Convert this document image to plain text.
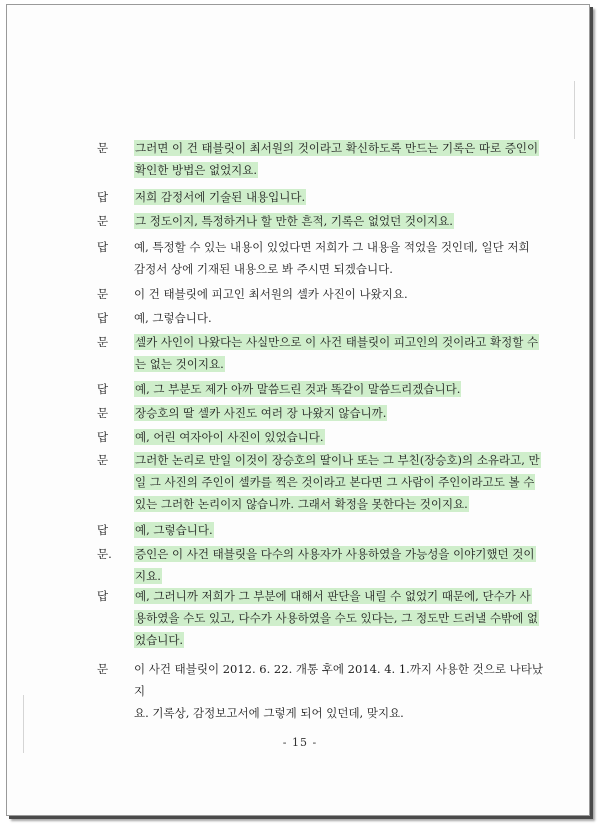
문	그러면 이 건 태블릿이 최서원의 것이라고 확신하도록 만드는 기록은 따로 증인이
확인한 방법은 없었지요.
답	저희 감정서에 기술된 내용입니다.
문	그 정도이지, 특정하거나 할 만한 흔적, 기록은 없었던 것이지요.
답	예, 특정할 수 있는 내용이 있었다면 저희가 그 내용을 적었을 것인데, 일단 저희
감정서 상에 기재된 내용으로 봐 주시면 되겠습니다.
문	이 건 태블릿에 피고인 최서원의 셀카 사진이 나왔지요.
답	예, 그렇습니다.
문	셀카 사인이 나왔다는 사실만으로 이 사건 태블릿이 피고인의 것이라고 확정할 수
는 없는 것이지요.
답	예, 그 부분도 제가 아까 말씀드린 것과 똑같이 말씀드리겠습니다.
문	장승호의 딸 셀카 사진도 여러 장 나왔지 않습니까.
답	예, 어린 여자아이 사진이 있었습니다.
문	그러한 논리로 만일 이것이 장승호의 딸이나 또는 그 부친(장승호)의 소유라고, 만
일 그 사진의 주인이 셀카를 찍은 것이라고 본다면 그 사람이 주인이라고도 볼 수
있는 그러한 논리이지 않습니까. 그래서 확정을 못한다는 것이지요.
답	예, 그렇습니다.
문.	증인은 이 사건 태블릿을 다수의 사용자가 사용하였을 가능성을 이야기했던 것이
지요.
답	예, 그러니까 저희가 그 부분에 대해서 판단을 내릴 수 없었기 때문에, 단수가 사
용하였을 수도 있고, 다수가 사용하였을 수도 있다는, 그 정도만 드러낼 수밖에 없
었습니다.
문	이 사건 태블릿이 2012. 6. 22. 개통 후에 2014. 4. 1.까지 사용한 것으로 나타났지
요. 기록상, 감정보고서에 그렇게 되어 있던데, 맞지요.
- 15 -
